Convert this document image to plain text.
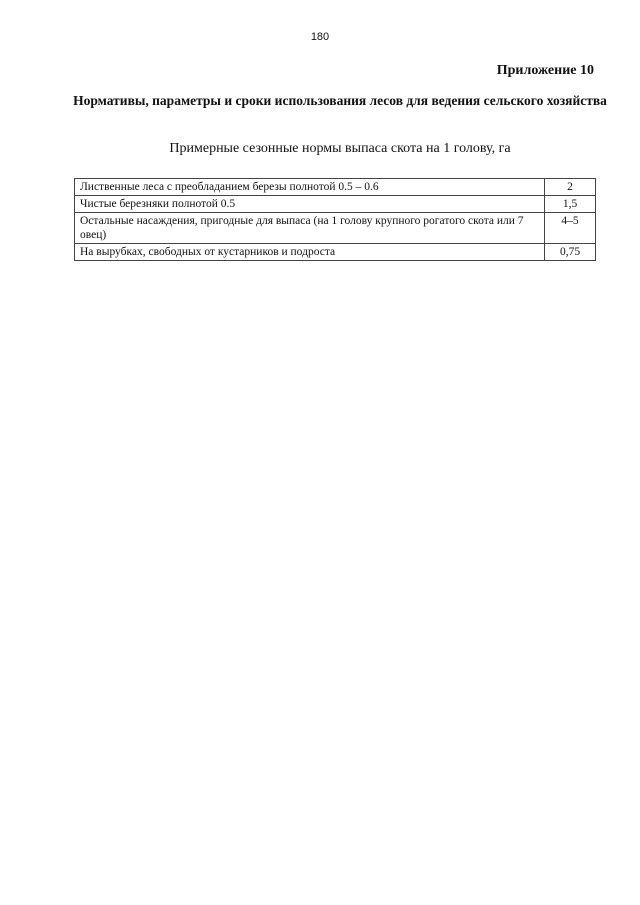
180
Приложение 10
Нормативы, параметры и сроки использования лесов для ведения сельского хозяйства
Примерные сезонные нормы выпаса скота на 1 голову, га
Лиственные леса с преобладанием березы полнотой 0.5 – 0.6	2
Чистые березняки полнотой 0.5	1,5
Остальные насаждения, пригодные для выпаса (на 1 голову крупного рогатого скота или 7 овец)	4–5
На вырубках, свободных от кустарников и подроста	0,75
